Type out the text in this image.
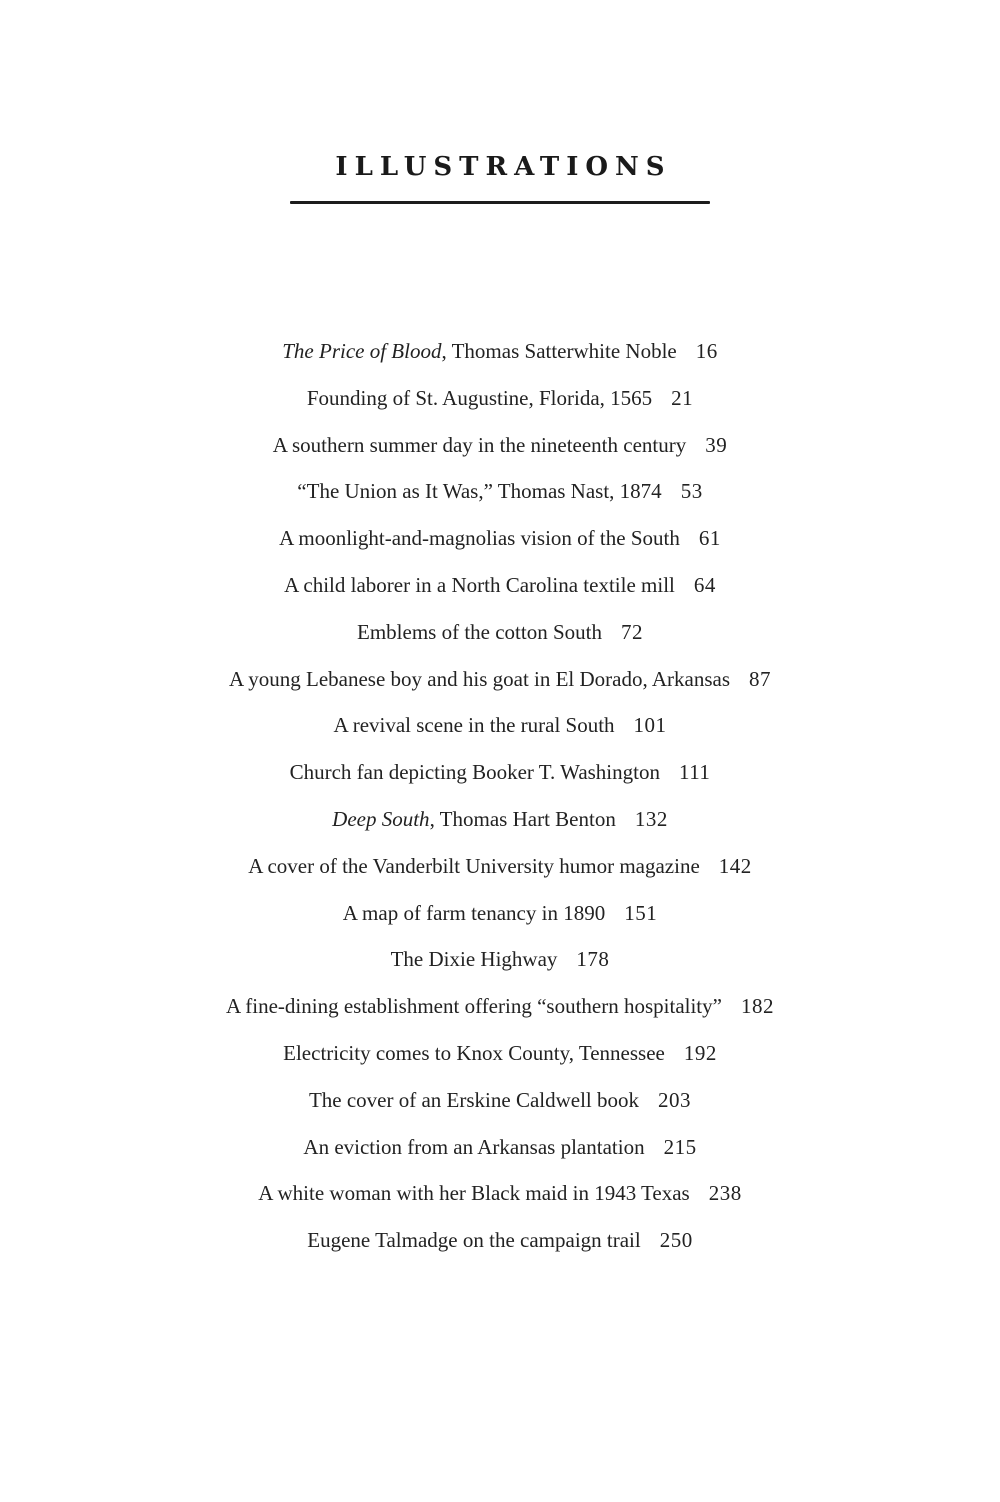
ILLUSTRATIONS
The Price of Blood, Thomas Satterwhite Noble 16
Founding of St. Augustine, Florida, 1565 21
A southern summer day in the nineteenth century 39
“The Union as It Was,” Thomas Nast, 1874 53
A moonlight-and-magnolias vision of the South 61
A child laborer in a North Carolina textile mill 64
Emblems of the cotton South 72
A young Lebanese boy and his goat in El Dorado, Arkansas 87
A revival scene in the rural South 101
Church fan depicting Booker T. Washington 111
Deep South, Thomas Hart Benton 132
A cover of the Vanderbilt University humor magazine 142
A map of farm tenancy in 1890 151
The Dixie Highway 178
A fine-dining establishment offering “southern hospitality” 182
Electricity comes to Knox County, Tennessee 192
The cover of an Erskine Caldwell book 203
An eviction from an Arkansas plantation 215
A white woman with her Black maid in 1943 Texas 238
Eugene Talmadge on the campaign trail 250
